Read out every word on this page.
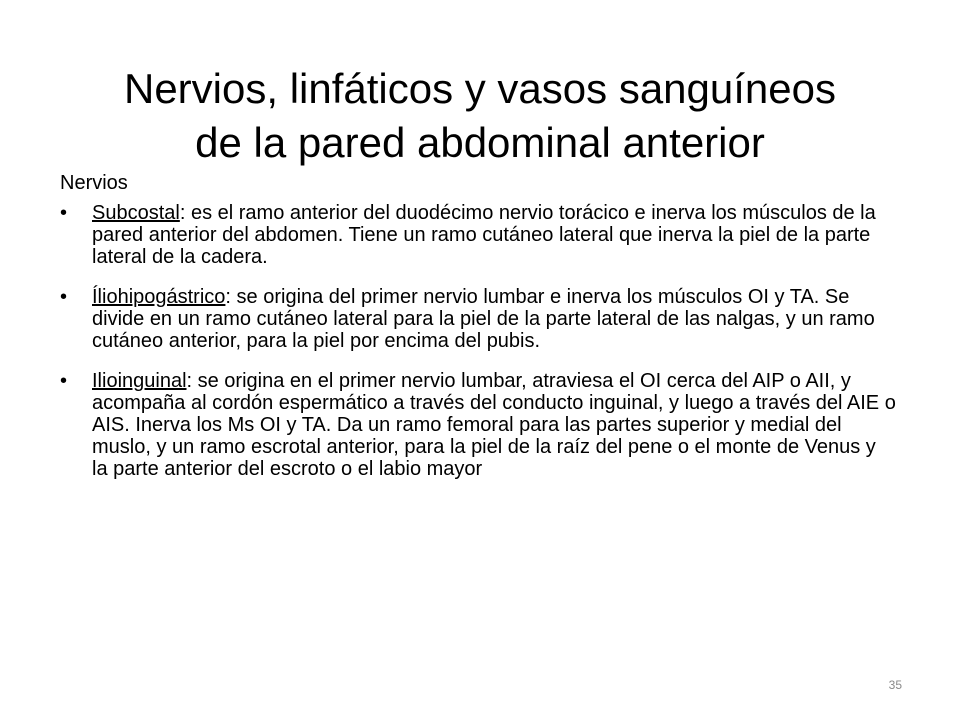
Nervios, linfáticos y vasos sanguíneos
de la pared abdominal anterior
Nervios
• Subcostal: es el ramo anterior del duodécimo nervio torácico e inerva los músculos de la pared anterior del abdomen. Tiene un ramo cutáneo lateral que inerva la piel de la parte lateral de la cadera.
• Íliohipogástrico: se origina del primer nervio lumbar e inerva los músculos OI y TA. Se divide en un ramo cutáneo lateral para la piel de la parte lateral de las nalgas, y un ramo cutáneo anterior, para la piel por encima del pubis.
• Ilioinguinal: se origina en el primer nervio lumbar, atraviesa el OI cerca del AIP o AII, y acompaña al cordón espermático a través del conducto inguinal, y luego a través del AIE o AIS. Inerva los Ms OI y TA. Da un ramo femoral para las partes superior y medial del muslo, y un ramo escrotal anterior, para la piel de la raíz del pene o el monte de Venus y la parte anterior del escroto o el labio mayor
35
